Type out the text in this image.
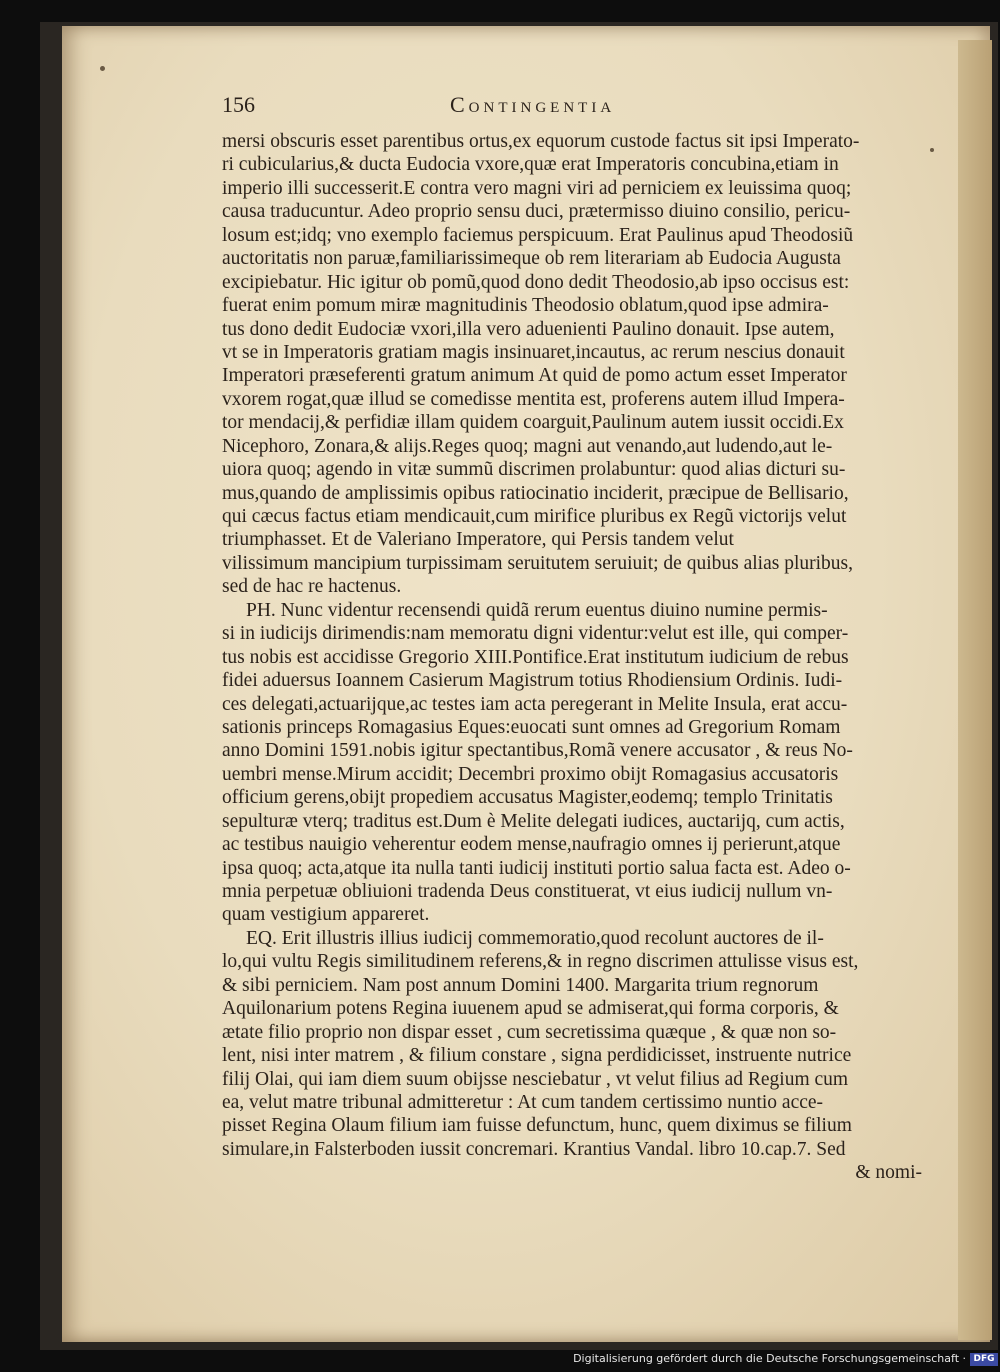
156	Contingentia
mersi obscuris esset parentibus ortus,ex equorum custode factus sit ipsi Imperato-
ri cubicularius,& ducta Eudocia vxore,quæ erat Imperatoris concubina,etiam in
imperio illi successerit.E contra vero magni viri ad perniciem ex leuissima quoq;
causa traducuntur. Adeo proprio sensu duci, prætermisso diuino consilio, pericu-
losum est;idq; vno exemplo faciemus perspicuum. Erat Paulinus apud Theodosiũ
auctoritatis non paruæ,familiarissimeque ob rem literariam ab Eudocia Augusta
excipiebatur. Hic igitur ob pomũ,quod dono dedit Theodosio,ab ipso occisus est:
fuerat enim pomum miræ magnitudinis Theodosio oblatum,quod ipse admira-
tus dono dedit Eudociæ vxori,illa vero aduenienti Paulino donauit. Ipse autem,
vt se in Imperatoris gratiam magis insinuaret,incautus, ac rerum nescius donauit
Imperatori præseferenti gratum animum At quid de pomo actum esset Imperator
vxorem rogat,quæ illud se comedisse mentita est, proferens autem illud Impera-
tor mendacij,& perfidiæ illam quidem coarguit,Paulinum autem iussit occidi.Ex
Nicephoro, Zonara,& alijs.Reges quoq; magni aut venando,aut ludendo,aut le-
uiora quoq; agendo in vitæ summũ discrimen prolabuntur: quod alias dicturi su-
mus,quando de amplissimis opibus ratiocinatio inciderit, præcipue de Bellisario,
qui cæcus factus etiam mendicauit,cum mirifice pluribus ex Regũ victorijs velut
triumphasset. Et de Valeriano Imperatore, qui Persis tandem velut
vilissimum mancipium turpissimam seruitutem seruiuit; de quibus alias pluribus,
sed de hac re hactenus.
PH. Nunc videntur recensendi quidã rerum euentus diuino numine permis-
si in iudicijs dirimendis:nam memoratu digni videntur:velut est ille, qui comper-
tus nobis est accidisse Gregorio XIII.Pontifice.Erat institutum iudicium de rebus
fidei aduersus Ioannem Casierum Magistrum totius Rhodiensium Ordinis. Iudi-
ces delegati,actuarijque,ac testes iam acta peregerant in Melite Insula, erat accu-
sationis princeps Romagasius Eques:euocati sunt omnes ad Gregorium Romam
anno Domini 1591.nobis igitur spectantibus,Romã venere accusator , & reus No-
uembri mense.Mirum accidit; Decembri proximo obijt Romagasius accusatoris
officium gerens,obijt propediem accusatus Magister,eodemq; templo Trinitatis
sepulturæ vterq; traditus est.Dum è Melite delegati iudices, auctarijq, cum actis,
ac testibus nauigio veherentur eodem mense,naufragio omnes ij perierunt,atque
ipsa quoq; acta,atque ita nulla tanti iudicij instituti portio salua facta est. Adeo o-
mnia perpetuæ obliuioni tradenda Deus constituerat, vt eius iudicij nullum vn-
quam vestigium appareret.
EQ. Erit illustris illius iudicij commemoratio,quod recolunt auctores de il-
lo,qui vultu Regis similitudinem referens,& in regno discrimen attulisse visus est,
& sibi perniciem. Nam post annum Domini 1400. Margarita trium regnorum
Aquilonarium potens Regina iuuenem apud se admiserat,qui forma corporis, &
ætate filio proprio non dispar esset , cum secretissima quæque , & quæ non so-
lent, nisi inter matrem , & filium constare , signa perdidicisset, instruente nutrice
filij Olai, qui iam diem suum obijsse nesciebatur , vt velut filius ad Regium cum
ea, velut matre tribunal admitteretur : At cum tandem certissimo nuntio acce-
pisset Regina Olaum filium iam fuisse defunctum, hunc, quem diximus se filium
simulare,in Falsterboden iussit concremari. Krantius Vandal. libro 10.cap.7. Sed
& nomi-
Digitalisierung gefördert durch die Deutsche Forschungsgemeinschaft · DFG
